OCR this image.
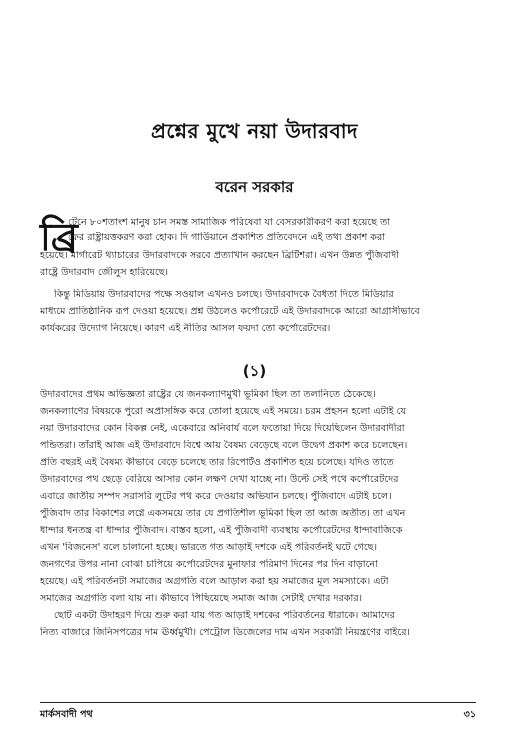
প্রশ্নের মুখে নয়া উদারবাদ
বরেন সরকার
ব্রি
টেনে ৮০শতাংশ মানুষ চান সমস্ত সামাজিক পরিষেবা যা বেসরকারীকরণ করা হয়েছে তা
ফের রাষ্ট্রায়ত্তকরণ করা হোক। দি গার্ডিয়ানে প্রকাশিত প্রতিবেদনে এই তথ্য প্রকাশ করা
হয়েছে। মার্গারেট থ্যাচারের উদারবাদকে সরবে প্রত্যাখান করছেন ব্রিটিশরা। এখন উন্নত পুঁজিবাদী
রাষ্ট্রে উদারবাদ জৌলুস হারিয়েছে।
কিন্তু মিডিয়ায় উদারবাদের পক্ষে সওয়াল এখনও চলছে। উদারবাদকে বৈধতা দিতে মিডিয়ার
মাধ্যমে প্রাতিষ্ঠানিক রূপ দেওয়া হয়েছে। প্রশ্ন উঠলেও কর্পোরেটে এই উদারবাদকে আরো আগ্রাসীভাবে
কার্যকরের উদ্যোগ নিয়েছে। কারণ এই নীতির আসল ফয়দা তো কর্পোরেটদের।
(১)
উদারবাদের প্রথম অভিজ্ঞতা রাষ্ট্রের যে জনকল্যাণমুখী ভূমিকা ছিল তা তলানিতে ঠেকেছে।
জনকল্যাণের বিষয়কে পুরো অপ্রাসঙ্গিক করে তোলা হয়েছে এই সময়ে। চরম প্রহসন হলো এটাই যে
নয়া উদারবাদের কোন বিকল্প নেই, একেবারে অনিবার্য বলে ফতোয়া দিয়ে দিয়েছিলেন উদারবাদীরা
পন্ডিতরা। তাঁরাই আজ এই উদারবাদে বিশ্বে আয় বৈষম্য বেড়েছে বলে উদ্বেগ প্রকাশ করে চলেছেন।
প্রতি বছরই এই বৈষম্য কীভাবে বেড়ে চলেছে তার রিপোর্টও প্রকাশিত হয়ে চলেছে। যদিও তাতে
উদারবাদের পথ ছেড়ে বেরিয়ে আসার কোন লক্ষণ দেখা যাচ্ছে না। উল্টে সেই পথে কর্পোরেটদের
এবারে জাতীয় সম্পদ সরাসরি লুটের পথ করে দেওয়ার অভিযান চলছে। পুঁজিবাদে এটাই চলে।
পুঁজিবাদ তার বিকাশের লগ্নে একসময়ে তার যে প্রগতিশীল ভূমিকা ছিল তা আজ অতীত। তা এখন
ধান্দার ধনতন্ত্র বা ধান্দার পুঁজিবাদ। বাস্তব হলো, এই পুঁজিবাদী ব্যবস্থায় কর্পোরেটদের ধান্দাবাজিকে
এখন 'বিজনেস' বলে চালানো হচ্ছে। ভারতে গত আড়াই দশকে এই পরিবর্তনই ঘটে গেছে।
জনগণের উপর নানা বোঝা চাপিয়ে কর্পোরেটদের মুনাফার পরিমাণ দিনের পর দিন বাড়ানো
হয়েছে। এই পরিবর্তনটা সমাজের অগ্রগতি বলে আড়াল করা হয় সমাজের মূল সমস্যাকে। এটা
সমাজের অগ্রগতি বলা যায় না। কীভাবে পিছিয়েছে সমাজ আজ সেটাই দেখার দরকার।
ছোট একটা উদাহরণ দিয়ে শুরু করা যায় গত আড়াই দশকের পরিবর্তনের ধারাকে। আমাদের
নিত্য বাজারে জিনিসপত্রের দাম ঊর্ধ্বমুখী। পেট্রোল ডিজেলের দাম এখন সরকারী নিয়ন্ত্রণের বাইরে।
মার্কসবাদী পথ	৩১
